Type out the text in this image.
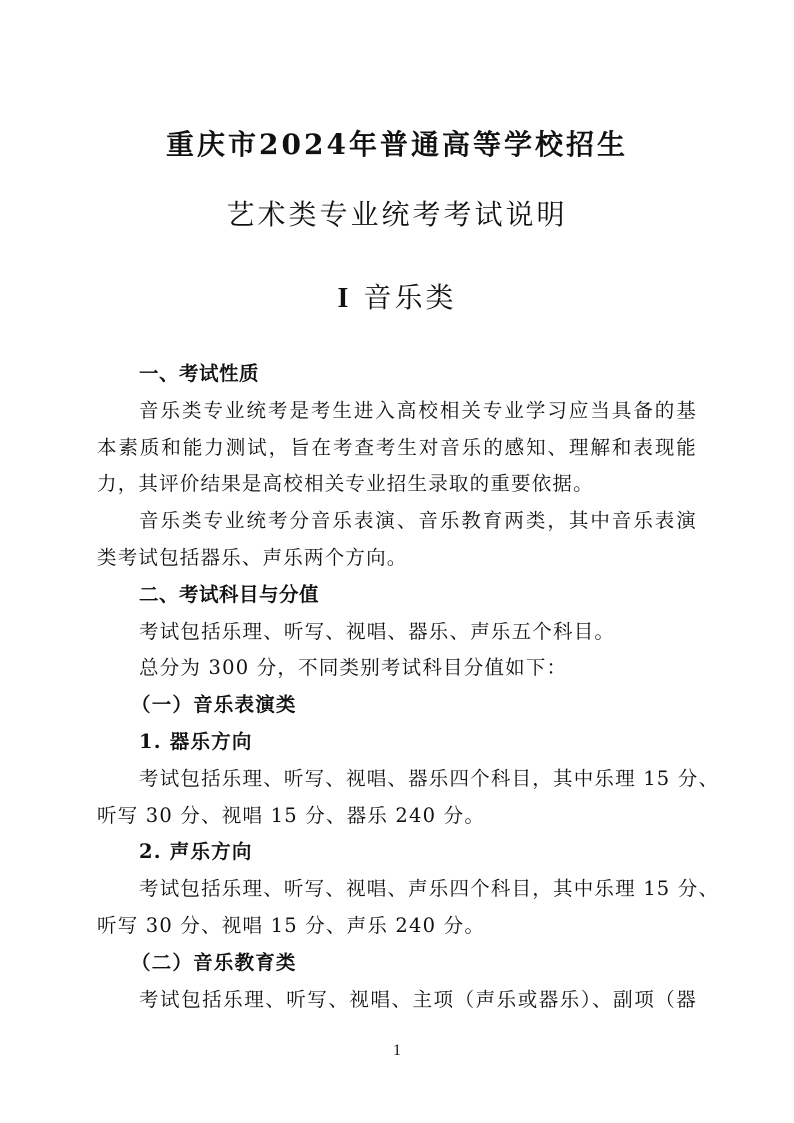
重庆市2024年普通高等学校招生
艺术类专业统考考试说明
I 音乐类
一、考试性质
音乐类专业统考是考生进入高校相关专业学习应当具备的基
本素质和能力测试，旨在考查考生对音乐的感知、理解和表现能
力，其评价结果是高校相关专业招生录取的重要依据。
音乐类专业统考分音乐表演、音乐教育两类，其中音乐表演
类考试包括器乐、声乐两个方向。
二、考试科目与分值
考试包括乐理、听写、视唱、器乐、声乐五个科目。
总分为 300 分，不同类别考试科目分值如下：
（一）音乐表演类
1. 器乐方向
考试包括乐理、听写、视唱、器乐四个科目，其中乐理 15 分、
听写 30 分、视唱 15 分、器乐 240 分。
2. 声乐方向
考试包括乐理、听写、视唱、声乐四个科目，其中乐理 15 分、
听写 30 分、视唱 15 分、声乐 240 分。
（二）音乐教育类
考试包括乐理、听写、视唱、主项（声乐或器乐）、副项（器
1
